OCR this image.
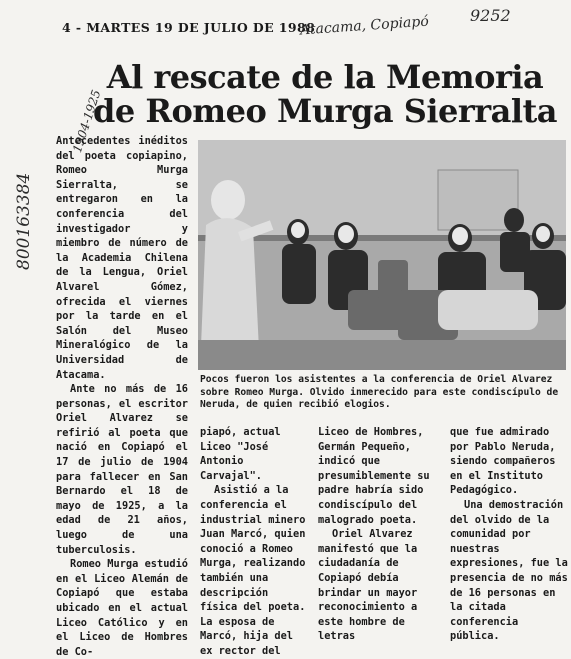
4 - MARTES 19 DE JULIO DE 1988
Atacama, Copiapó	9252
1904-1925
800163384
Al rescate de la Memoria
de Romeo Murga Sierralta
Pocos fueron los asistentes a la conferencia de Oriel Alvarez sobre Romeo Murga. Olvido inmerecido para este condiscípulo de Neruda, de quien recibió elogios.

Antecedentes inéditos del poeta copiapino, Romeo Murga Sierralta, se entregaron en la conferencia del investigador y miembro de número de la Academia Chilena de la Lengua, Oriel Alvarel Gómez, ofrecida el viernes por la tarde en el Salón del Museo Mineralógico de la Universidad de Atacama.

Ante no más de 16 personas, el escritor Oriel Alvarez se refirió al poeta que nació en Copiapó el 17 de julio de 1904 para fallecer en San Bernardo el 18 de mayo de 1925, a la edad de 21 años, luego de una tuberculosis.

Romeo Murga estudió en el Liceo Alemán de Copiapó que estaba ubicado en el actual Liceo Católico y en el Liceo de Hombres de Co-

piapó, actual Liceo "José Antonio Carvajal".

Asistió a la conferencia el industrial minero Juan Marcó, quien conoció a Romeo Murga, realizando también una descripción física del poeta. La esposa de Marcó, hija del ex rector del

Liceo de Hombres, Germán Pequeño, indicó que presumiblemente su padre habría sido condiscípulo del malogrado poeta.

Oriel Alvarez manifestó que la ciudadanía de Copiapó debía brindar un mayor reconocimiento a este hombre de letras

que fue admirado por Pablo Neruda, siendo compañeros en el Instituto Pedagógico.

Una demostración del olvido de la comunidad por nuestras expresiones, fue la presencia de no más de 16 personas en la citada conferencia pública.
